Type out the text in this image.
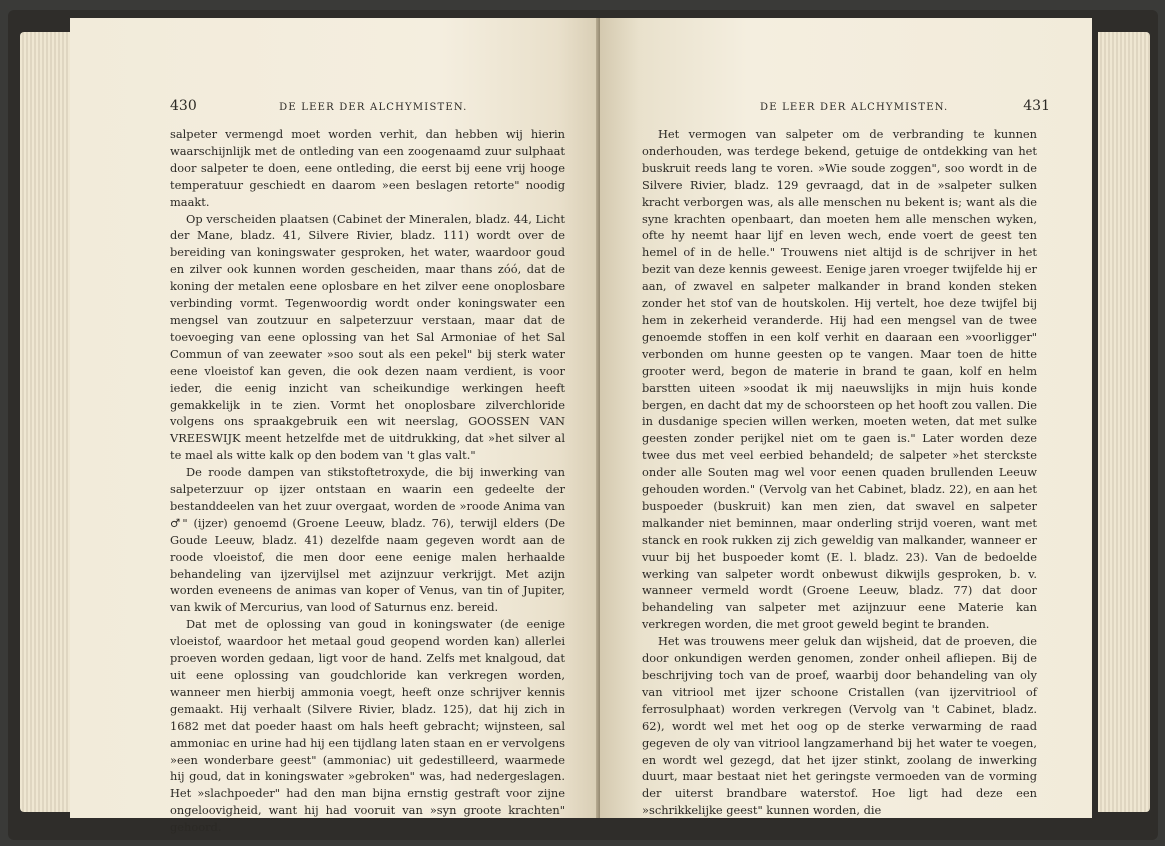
430	DE LEER DER ALCHYMISTEN.

salpeter vermengd moet worden verhit, dan hebben wij hierin waarschijnlijk met de ontleding van een zoogenaamd zuur sulphaat door salpeter te doen, eene ontleding, die eerst bij eene vrij hooge temperatuur geschiedt en daarom »een beslagen retorte" noodig maakt.

Op verscheiden plaatsen (Cabinet der Mineralen, bladz. 44, Licht der Mane, bladz. 41, Silvere Rivier, bladz. 111) wordt over de bereiding van koningswater gesproken, het water, waardoor goud en zilver ook kunnen worden gescheiden, maar thans zóó, dat de koning der metalen eene oplosbare en het zilver eene onoplosbare verbinding vormt. Tegenwoordig wordt onder koningswater een mengsel van zoutzuur en salpeterzuur verstaan, maar dat de toevoeging van eene oplossing van het Sal Armoniae of het Sal Commun of van zeewater »soo sout als een pekel" bij sterk water eene vloeistof kan geven, die ook dezen naam verdient, is voor ieder, die eenig inzicht van scheikundige werkingen heeft gemakkelijk in te zien. Vormt het onoplosbare zilverchloride volgens ons spraakgebruik een wit neerslag, GOOSSEN VAN VREESWIJK meent hetzelfde met de uitdrukking, dat »het silver al te mael als witte kalk op den bodem van 't glas valt."

De roode dampen van stikstoftetroxyde, die bij inwerking van salpeterzuur op ijzer ontstaan en waarin een gedeelte der bestanddeelen van het zuur overgaat, worden de »roode Anima van ♂" (ijzer) genoemd (Groene Leeuw, bladz. 76), terwijl elders (De Goude Leeuw, bladz. 41) dezelfde naam gegeven wordt aan de roode vloeistof, die men door eene eenige malen herhaalde behandeling van ijzervijlsel met azijnzuur verkrijgt. Met azijn worden eveneens de animas van koper of Venus, van tin of Jupiter, van kwik of Mercurius, van lood of Saturnus enz. bereid.

Dat met de oplossing van goud in koningswater (de eenige vloeistof, waardoor het metaal goud geopend worden kan) allerlei proeven worden gedaan, ligt voor de hand. Zelfs met knalgoud, dat uit eene oplossing van goudchloride kan verkregen worden, wanneer men hierbij ammonia voegt, heeft onze schrijver kennis gemaakt. Hij verhaalt (Silvere Rivier, bladz. 125), dat hij zich in 1682 met dat poeder haast om hals heeft gebracht; wijnsteen, sal ammoniac en urine had hij een tijdlang laten staan en er vervolgens »een wonderbare geest" (ammoniac) uit gedestilleerd, waarmede hij goud, dat in koningswater »gebroken" was, had nedergeslagen. Het »slachpoeder" had den man bijna ernstig gestraft voor zijne ongeloovigheid, want hij had vooruit van »syn groote krachten" gehoord.

DE LEER DER ALCHYMISTEN.	431

Het vermogen van salpeter om de verbranding te kunnen onderhouden, was terdege bekend, getuige de ontdekking van het buskruit reeds lang te voren. »Wie soude zoggen", soo wordt in de Silvere Rivier, bladz. 129 gevraagd, dat in de »salpeter sulken kracht verborgen was, als alle menschen nu bekent is; want als die syne krachten openbaart, dan moeten hem alle menschen wyken, ofte hy neemt haar lijf en leven wech, ende voert de geest ten hemel of in de helle." Trouwens niet altijd is de schrijver in het bezit van deze kennis geweest. Eenige jaren vroeger twijfelde hij er aan, of zwavel en salpeter malkander in brand konden steken zonder het stof van de houtskolen. Hij vertelt, hoe deze twijfel bij hem in zekerheid veranderde. Hij had een mengsel van de twee genoemde stoffen in een kolf verhit en daaraan een »voorligger" verbonden om hunne geesten op te vangen. Maar toen de hitte grooter werd, begon de materie in brand te gaan, kolf en helm barstten uiteen »soodat ik mij naeuwslijks in mijn huis konde bergen, en dacht dat my de schoorsteen op het hooft zou vallen. Die in dusdanige specien willen werken, moeten weten, dat met sulke geesten zonder perijkel niet om te gaen is." Later worden deze twee dus met veel eerbied behandeld; de salpeter »het sterckste onder alle Souten mag wel voor eenen quaden brullenden Leeuw gehouden worden." (Vervolg van het Cabinet, bladz. 22), en aan het buspoeder (buskruit) kan men zien, dat swavel en salpeter malkander niet beminnen, maar onderling strijd voeren, want met stanck en rook rukken zij zich geweldig van malkander, wanneer er vuur bij het buspoeder komt (E. l. bladz. 23). Van de bedoelde werking van salpeter wordt onbewust dikwijls gesproken, b. v. wanneer vermeld wordt (Groene Leeuw, bladz. 77) dat door behandeling van salpeter met azijnzuur eene Materie kan verkregen worden, die met groot geweld begint te branden.

Het was trouwens meer geluk dan wijsheid, dat de proeven, die door onkundigen werden genomen, zonder onheil afliepen. Bij de beschrijving toch van de proef, waarbij door behandeling van oly van vitriool met ijzer schoone Cristallen (van ijzervitriool of ferrosulphaat) worden verkregen (Vervolg van 't Cabinet, bladz. 62), wordt wel met het oog op de sterke verwarming de raad gegeven de oly van vitriool langzamerhand bij het water te voegen, en wordt wel gezegd, dat het ijzer stinkt, zoolang de inwerking duurt, maar bestaat niet het geringste vermoeden van de vorming der uiterst brandbare waterstof. Hoe ligt had deze een »schrikkelijke geest" kunnen worden, die
